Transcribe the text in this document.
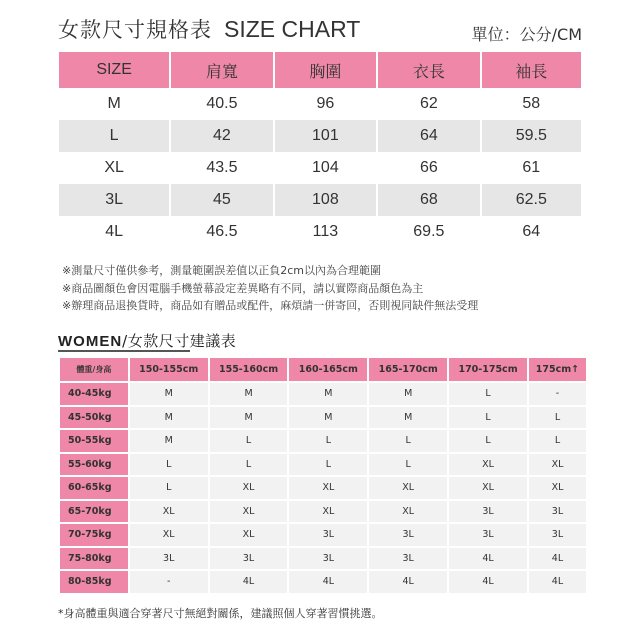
女款尺寸規格表 SIZE CHART	單位：公分/CM
SIZE	肩寬	胸圍	衣長	袖長
M	40.5	96	62	58
L	42	101	64	59.5
XL	43.5	104	66	61
3L	45	108	68	62.5
4L	46.5	113	69.5	64
※測量尺寸僅供參考，測量範圍誤差值以正負2cm以內為合理範圍
※商品圖顏色會因電腦手機螢幕設定差異略有不同，請以實際商品顏色為主
※辦理商品退換貨時，商品如有贈品或配件，麻煩請一併寄回，否則視同缺件無法受理
WOMEN/女款尺寸建議表
體重/身高	150-155cm	155-160cm	160-165cm	165-170cm	170-175cm	175cm↑
40-45kg	M	M	M	M	L	-
45-50kg	M	M	M	M	L	L
50-55kg	M	L	L	L	L	L
55-60kg	L	L	L	L	XL	XL
60-65kg	L	XL	XL	XL	XL	XL
65-70kg	XL	XL	XL	XL	3L	3L
70-75kg	XL	XL	3L	3L	3L	3L
75-80kg	3L	3L	3L	3L	4L	4L
80-85kg	-	4L	4L	4L	4L	4L
*身高體重與適合穿著尺寸無絕對關係，建議照個人穿著習慣挑選。
